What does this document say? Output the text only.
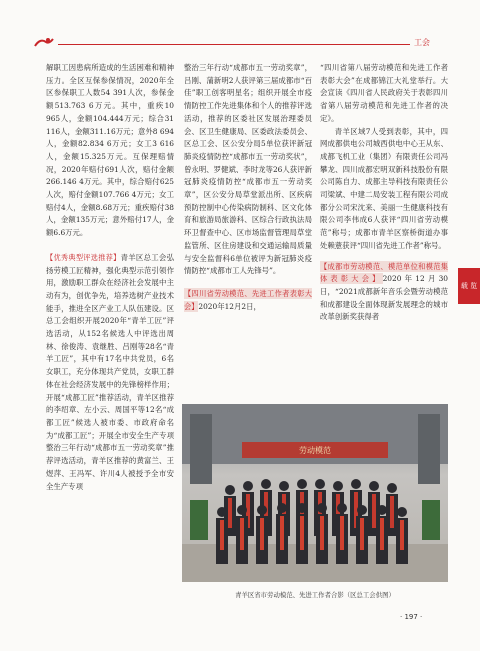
工会
载 览

解职工因患病所造成的生活困难和精神压力。全区互保参保情况，2020年全区参保职工人数54 391人次，参保金额513.763 6万元。其中，重疾10 965人，金额104.444万元；综合31 116人，金额311.16万元；意外8 694人，金额82.834 6万元；女工3 616人，金额15.325万元。互保理赔情况，2020年赔付691人次，赔付金额266.146 4万元。其中，综合赔付625人次，赔付金额107.766 4万元；女工赔付4人，金额8.68万元；重疾赔付38人，金额135万元；意外赔付17人，金额6.6万元。

【优秀典型评选推荐】青羊区总工会弘扬劳模工匠精神，强化典型示范引领作用，激励职工群众在经济社会发展中主动有为，创优争先，培养选树产业技术能手，推进全区产业工人队伍建设。区总工会组织开展2020年“青羊工匠”评选活动，从152名候选人中评选出周林、徐俊涛、袁继胜、吕刚等28名“青羊工匠”，其中有17名中共党员，6名女职工，充分体现共产党员，女职工群体在社会经济发展中的先锋榜样作用；开展“成都工匠”推荐活动，青羊区推荐的李绍章、左小云、周国平等12名“成都工匠”候选人被市委、市政府命名为“成都工匠”；开展全市安全生产专项整治三年行动“成都市五一劳动奖章”推荐评选活动，青羊区推荐的黄富兰、王煜萍、王冯军、许川4人被授予全市安全生产专项

整治三年行动“成都市五一劳动奖章”，吕刚、蒲新明2人获评第三届成都市“百佳”职工创客明星名；组织开展全市疫情防控工作先进集体和个人的推荐评选活动，推荐的区委社区发展治理委员会、区卫生健康局、区委政法委员会、区总工会、区公安分局5单位获评新冠肺炎疫情防控“成都市五一劳动奖状”，曾永明、罗健斌、李时龙等26人获评新冠肺炎疫情防控“成都市五一劳动奖章”，区公安分局草堂派出所、区疾病预防控制中心传染病防制科、区文化体育和旅游局旅游科、区综合行政执法局环卫督查中心、区市场监督管理局草堂监管所、区住房建设和交通运输局质量与安全监督科6单位被评为新冠肺炎疫情防控“成都市工人先锋号”。

【四川省劳动模范、先进工作者表彰大会】2020年12月2日，

“四川省第八届劳动模范和先进工作者表彰大会”在成都锦江大礼堂举行。大会宣读《四川省人民政府关于表彰四川省第八届劳动模范和先进工作者的决定》。

青羊区域7人受到表彰，其中，四网成都供电公司城西供电中心王从东、成都飞机工业（集团）有限责任公司冯攀龙、四川成都宏明双新科技股份有限公司陈自力、成都主导科技有限责任公司梁斌、中建二局安装工程有限公司成都分公司宋沈来、美丽一生健康科技有限公司李伟成6人获评“四川省劳动模范”称号；成都市青羊区察桥街道办事处赖薏获评“四川省先进工作者”称号。

【成都市劳动模范、模范单位和模范集体表彰大会】2020年12月30日，“2021成都新年音乐会暨劳动模范和成都建设全面体现新发展理念的城市改革创新奖获得者

劳动模范
青羊区省市劳动模范、先进工作者合影（区总工会供图）
· 197 ·
